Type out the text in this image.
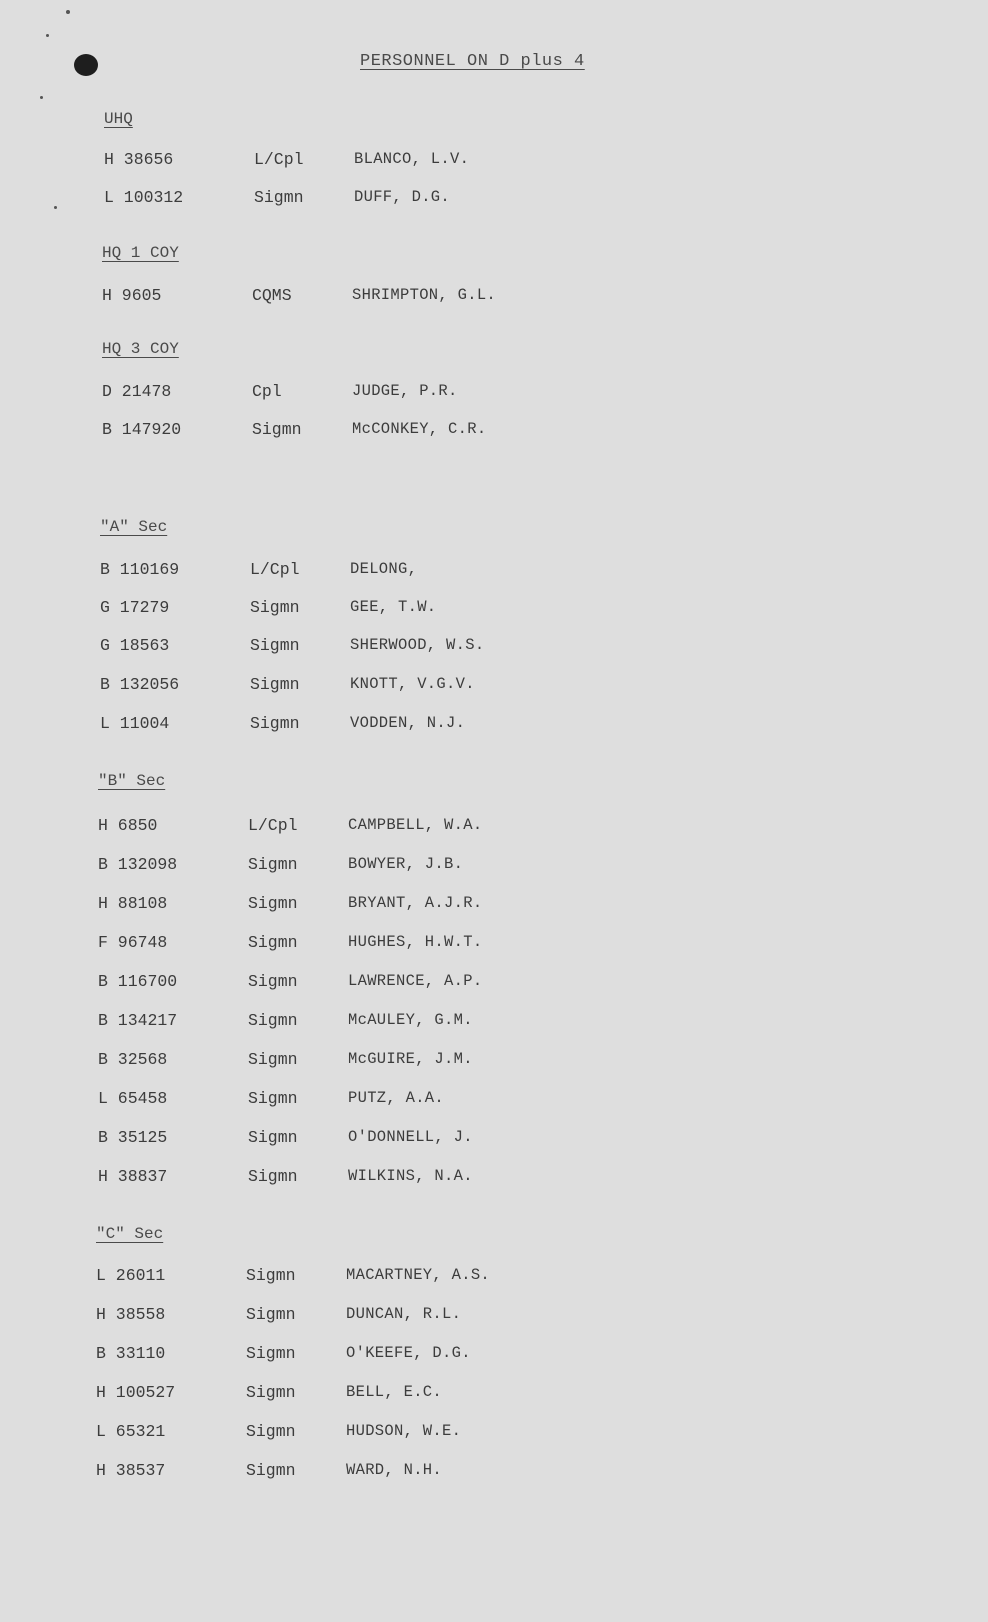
PERSONNEL ON D plus 4
UHQ
H 38656	L/Cpl	BLANCO, L.V.
L 100312	Sigmn	DUFF, D.G.
HQ 1 COY
H 9605	CQMS	SHRIMPTON, G.L.
HQ 3 COY
D 21478	Cpl	JUDGE, P.R.
B 147920	Sigmn	McCONKEY, C.R.
"A" Sec
B 110169	L/Cpl	DELONG,
G 17279	Sigmn	GEE, T.W.
G 18563	Sigmn	SHERWOOD, W.S.
B 132056	Sigmn	KNOTT, V.G.V.
L 11004	Sigmn	VODDEN, N.J.
"B" Sec
H 6850	L/Cpl	CAMPBELL, W.A.
B 132098	Sigmn	BOWYER, J.B.
H 88108	Sigmn	BRYANT, A.J.R.
F 96748	Sigmn	HUGHES, H.W.T.
B 116700	Sigmn	LAWRENCE, A.P.
B 134217	Sigmn	McAULEY, G.M.
B 32568	Sigmn	McGUIRE, J.M.
L 65458	Sigmn	PUTZ, A.A.
B 35125	Sigmn	O'DONNELL, J.
H 38837	Sigmn	WILKINS, N.A.
"C" Sec
L 26011	Sigmn	MACARTNEY, A.S.
H 38558	Sigmn	DUNCAN, R.L.
B 33110	Sigmn	O'KEEFE, D.G.
H 100527	Sigmn	BELL, E.C.
L 65321	Sigmn	HUDSON, W.E.
H 38537	Sigmn	WARD, N.H.
